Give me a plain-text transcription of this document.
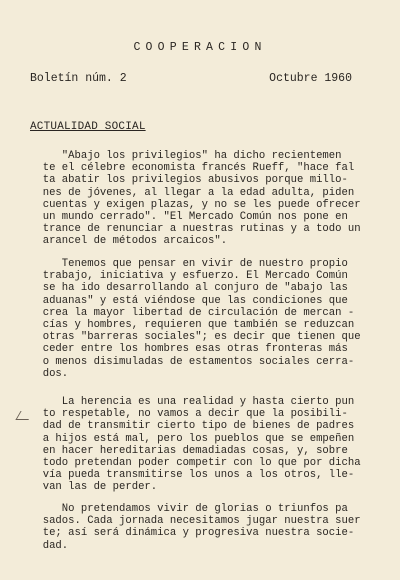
COOPERACION
Boletín núm. 2	Octubre 1960
ACTUALIDAD SOCIAL

"Abajo los privilegios" ha dicho recientemen
te el célebre economista francés Rueff, "hace fal
ta abatir los privilegios abusivos porque millo-
nes de jóvenes, al llegar a la edad adulta, piden
cuentas y exigen plazas, y no se les puede ofrecer
un mundo cerrado". "El Mercado Común nos pone en
trance de renunciar a nuestras rutinas y a todo un
arancel de métodos arcaicos".

Tenemos que pensar en vivir de nuestro propio
trabajo, iniciativa y esfuerzo. El Mercado Común
se ha ido desarrollando al conjuro de "abajo las
aduanas" y está viéndose que las condiciones que
crea la mayor libertad de circulación de mercan -
cías y hombres, requieren que también se reduzcan
otras "barreras sociales"; es decir que tienen que
ceder entre los hombres esas otras fronteras más
o menos disimuladas de estamentos sociales cerra-
dos.

La herencia es una realidad y hasta cierto pun
to respetable, no vamos a decir que la posibili-
dad de transmitir cierto tipo de bienes de padres
a hijos está mal, pero los pueblos que se empeñen
en hacer hereditarias demadiadas cosas, y, sobre
todo pretendan poder competir con lo que por dicha
vía pueda transmitirse los unos a los otros, lle-
van las de perder.

No pretendamos vivir de glorias o triunfos pa
sados. Cada jornada necesitamos jugar nuestra suer
te; así será dinámica y progresiva nuestra socie-
dad.
